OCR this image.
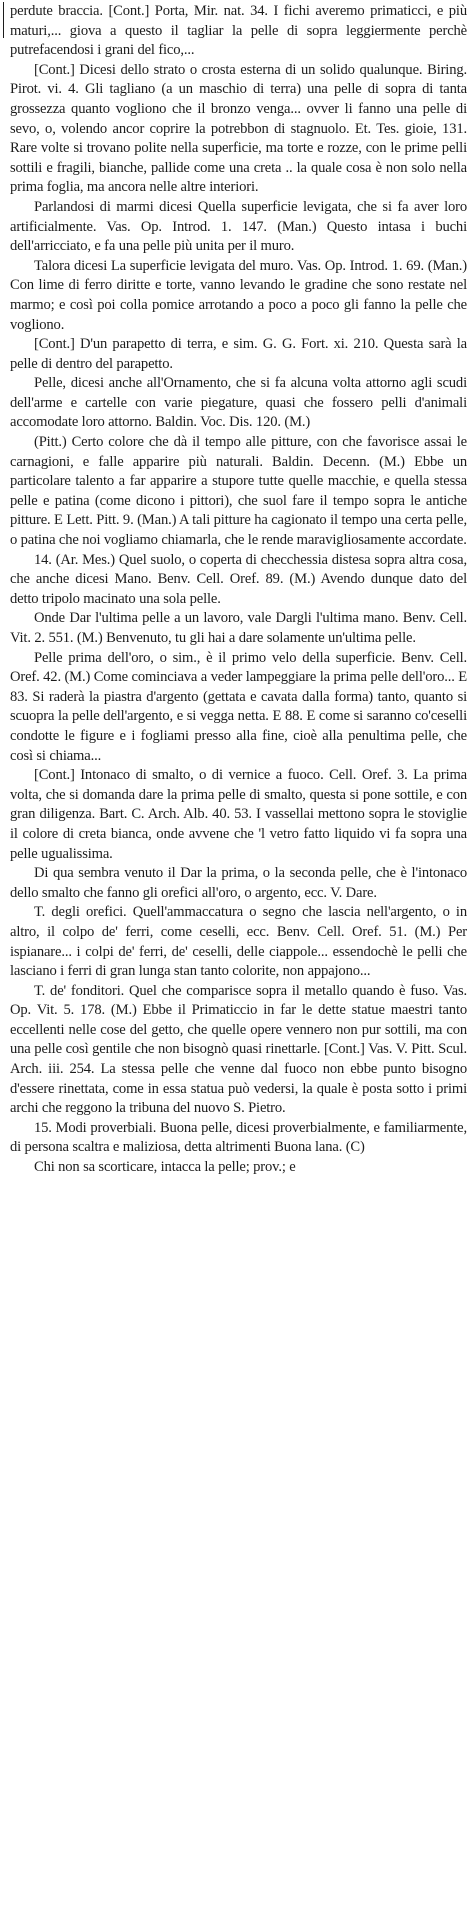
perdute braccia. [Cont.] Porta, Mir. nat. 34. I fichi averemo primaticci, e più maturi,... giova a questo il tagliar la pelle di sopra leggiermente perchè putrefacendosi i grani del fico,...

[Cont.] Dicesi dello strato o crosta esterna di un solido qualunque. Biring. Pirot. vi. 4. Gli tagliano (a un maschio di terra) una pelle di sopra di tanta grossezza quanto vogliono che il bronzo venga... ovver li fanno una pelle di sevo, o, volendo ancor coprire la potrebbon di stagnuolo. Et. Tes. gioie, 131. Rare volte si trovano polite nella superficie, ma torte e rozze, con le prime pelli sottili e fragili, bianche, pallide come una creta .. la quale cosa è non solo nella prima foglia, ma ancora nelle altre interiori.

Parlandosi di marmi dicesi Quella superficie levigata, che si fa aver loro artificialmente. Vas. Op. Introd. 1. 147. (Man.) Questo intasa i buchi dell'arricciato, e fa una pelle più unita per il muro.

Talora dicesi La superficie levigata del muro. Vas. Op. Introd. 1. 69. (Man.) Con lime di ferro diritte e torte, vanno levando le gradine che sono restate nel marmo; e così poi colla pomice arrotando a poco a poco gli fanno la pelle che vogliono.

[Cont.] D'un parapetto di terra, e sim. G. G. Fort. xi. 210. Questa sarà la pelle di dentro del parapetto.

Pelle, dicesi anche all'Ornamento, che si fa alcuna volta attorno agli scudi dell'arme e cartelle con varie piegature, quasi che fossero pelli d'animali accomodate loro attorno. Baldin. Voc. Dis. 120. (M.)

(Pitt.) Certo colore che dà il tempo alle pitture, con che favorisce assai le carnagioni, e falle apparire più naturali. Baldin. Decenn. (M.) Ebbe un particolare talento a far apparire a stupore tutte quelle macchie, e quella stessa pelle e patina (come dicono i pittori), che suol fare il tempo sopra le antiche pitture. E Lett. Pitt. 9. (Man.) A tali pitture ha cagionato il tempo una certa pelle, o patina che noi vogliamo chiamarla, che le rende maravigliosamente accordate.

14. (Ar. Mes.) Quel suolo, o coperta di checchessia distesa sopra altra cosa, che anche dicesi Mano. Benv. Cell. Oref. 89. (M.) Avendo dunque dato del detto tripolo macinato una sola pelle.

Onde Dar l'ultima pelle a un lavoro, vale Dargli l'ultima mano. Benv. Cell. Vit. 2. 551. (M.) Benvenuto, tu gli hai a dare solamente un'ultima pelle.

Pelle prima dell'oro, o sim., è il primo velo della superficie. Benv. Cell. Oref. 42. (M.) Come cominciava a veder lampeggiare la prima pelle dell'oro... E 83. Si raderà la piastra d'argento (gettata e cavata dalla forma) tanto, quanto si scuopra la pelle dell'argento, e si vegga netta. E 88. E come si saranno co'ceselli condotte le figure e i fogliami presso alla fine, cioè alla penultima pelle, che così si chiama...

[Cont.] Intonaco di smalto, o di vernice a fuoco. Cell. Oref. 3. La prima volta, che si domanda dare la prima pelle di smalto, questa si pone sottile, e con gran diligenza. Bart. C. Arch. Alb. 40. 53. I vassellai mettono sopra le stoviglie il colore di creta bianca, onde avvene che 'l vetro fatto liquido vi fa sopra una pelle ugualissima.

Di qua sembra venuto il Dar la prima, o la seconda pelle, che è l'intonaco dello smalto che fanno gli orefici all'oro, o argento, ecc. V. Dare.

T. degli orefici. Quell'ammaccatura o segno che lascia nell'argento, o in altro, il colpo de' ferri, come ceselli, ecc. Benv. Cell. Oref. 51. (M.) Per ispianare... i colpi de' ferri, de' ceselli, delle ciappole... essendochè le pelli che lasciano i ferri di gran lunga stan tanto colorite, non appajono...

T. de' fonditori. Quel che comparisce sopra il metallo quando è fuso. Vas. Op. Vit. 5. 178. (M.) Ebbe il Primaticcio in far le dette statue maestri tanto eccellenti nelle cose del getto, che quelle opere vennero non pur sottili, ma con una pelle così gentile che non bisognò quasi rinettarle. [Cont.] Vas. V. Pitt. Scul. Arch. iii. 254. La stessa pelle che venne dal fuoco non ebbe punto bisogno d'essere rinettata, come in essa statua può vedersi, la quale è posta sotto i primi archi che reggono la tribuna del nuovo S. Pietro.

15. Modi proverbiali. Buona pelle, dicesi proverbialmente, e familiarmente, di persona scaltra e maliziosa, detta altrimenti Buona lana. (C)

Chi non sa scorticare, intacca la pelle; prov.; e
